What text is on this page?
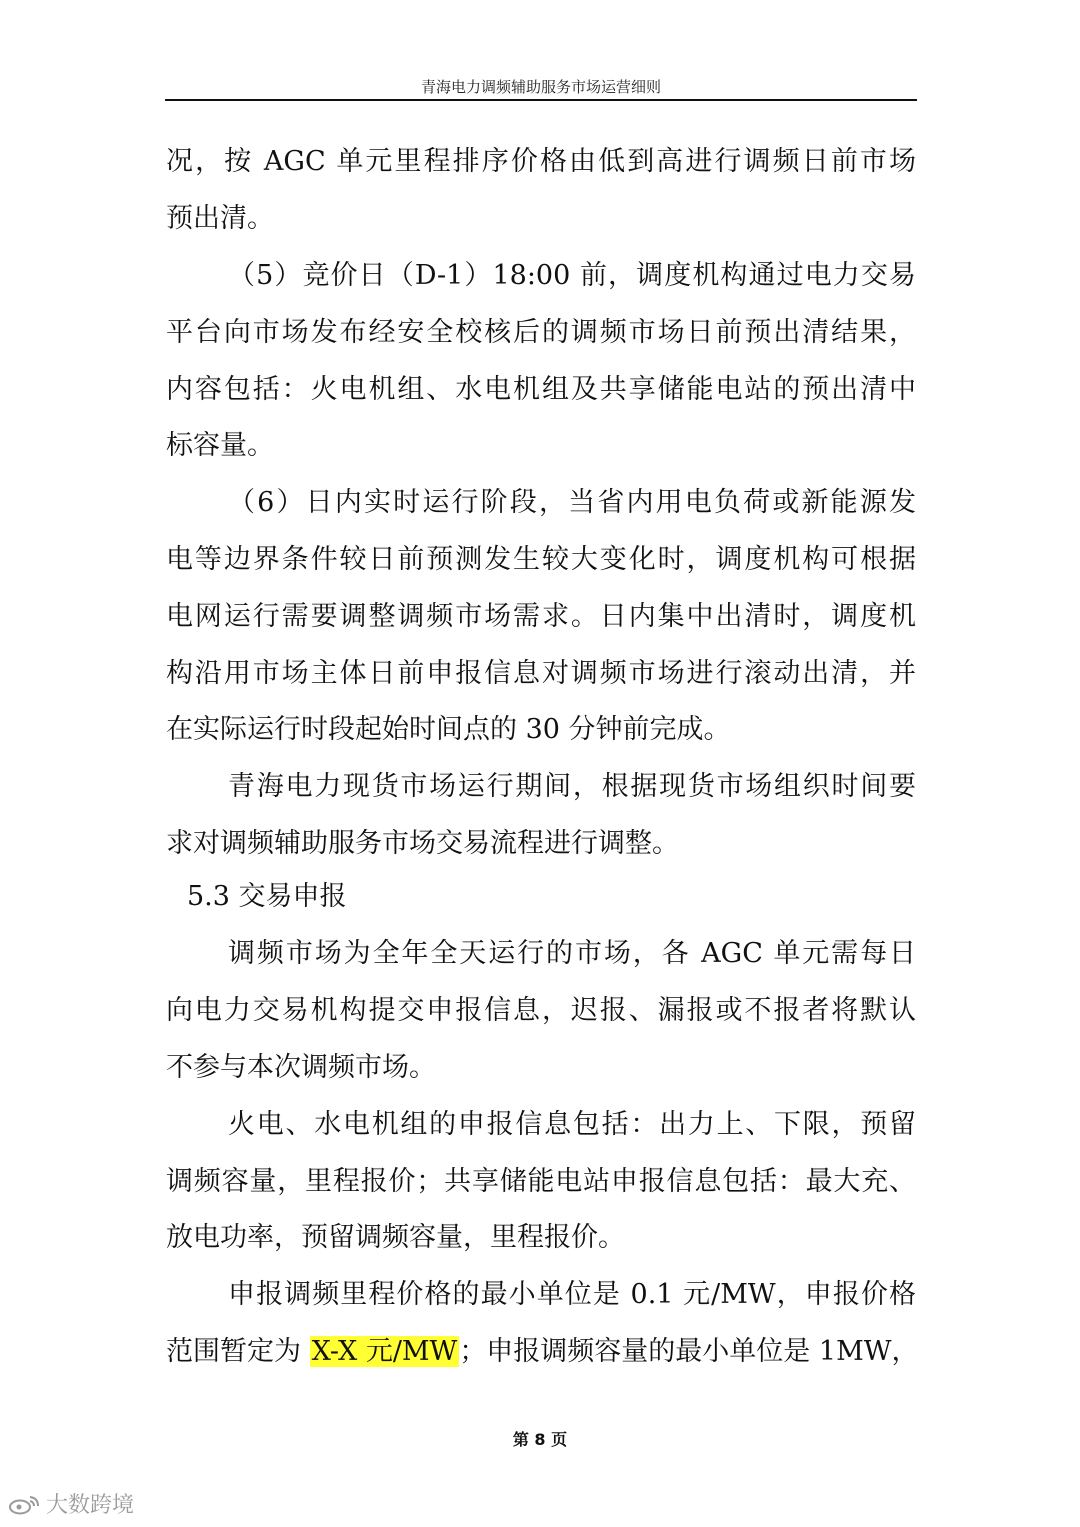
青海电力调频辅助服务市场运营细则
况，按 AGC 单元里程排序价格由低到高进行调频日前市场
预出清。
（5）竞价日（D-1）18:00 前，调度机构通过电力交易
平台向市场发布经安全校核后的调频市场日前预出清结果，
内容包括：火电机组、水电机组及共享储能电站的预出清中
标容量。
（6）日内实时运行阶段，当省内用电负荷或新能源发
电等边界条件较日前预测发生较大变化时，调度机构可根据
电网运行需要调整调频市场需求。日内集中出清时，调度机
构沿用市场主体日前申报信息对调频市场进行滚动出清，并
在实际运行时段起始时间点的 30 分钟前完成。
青海电力现货市场运行期间，根据现货市场组织时间要
求对调频辅助服务市场交易流程进行调整。
5.3 交易申报
调频市场为全年全天运行的市场，各 AGC 单元需每日
向电力交易机构提交申报信息，迟报、漏报或不报者将默认
不参与本次调频市场。
火电、水电机组的申报信息包括：出力上、下限，预留
调频容量，里程报价；共享储能电站申报信息包括：最大充、
放电功率，预留调频容量，里程报价。
申报调频里程价格的最小单位是 0.1 元/MW，申报价格
范围暂定为 X-X 元/MW；申报调频容量的最小单位是 1MW，
第 8 页
大数跨境
